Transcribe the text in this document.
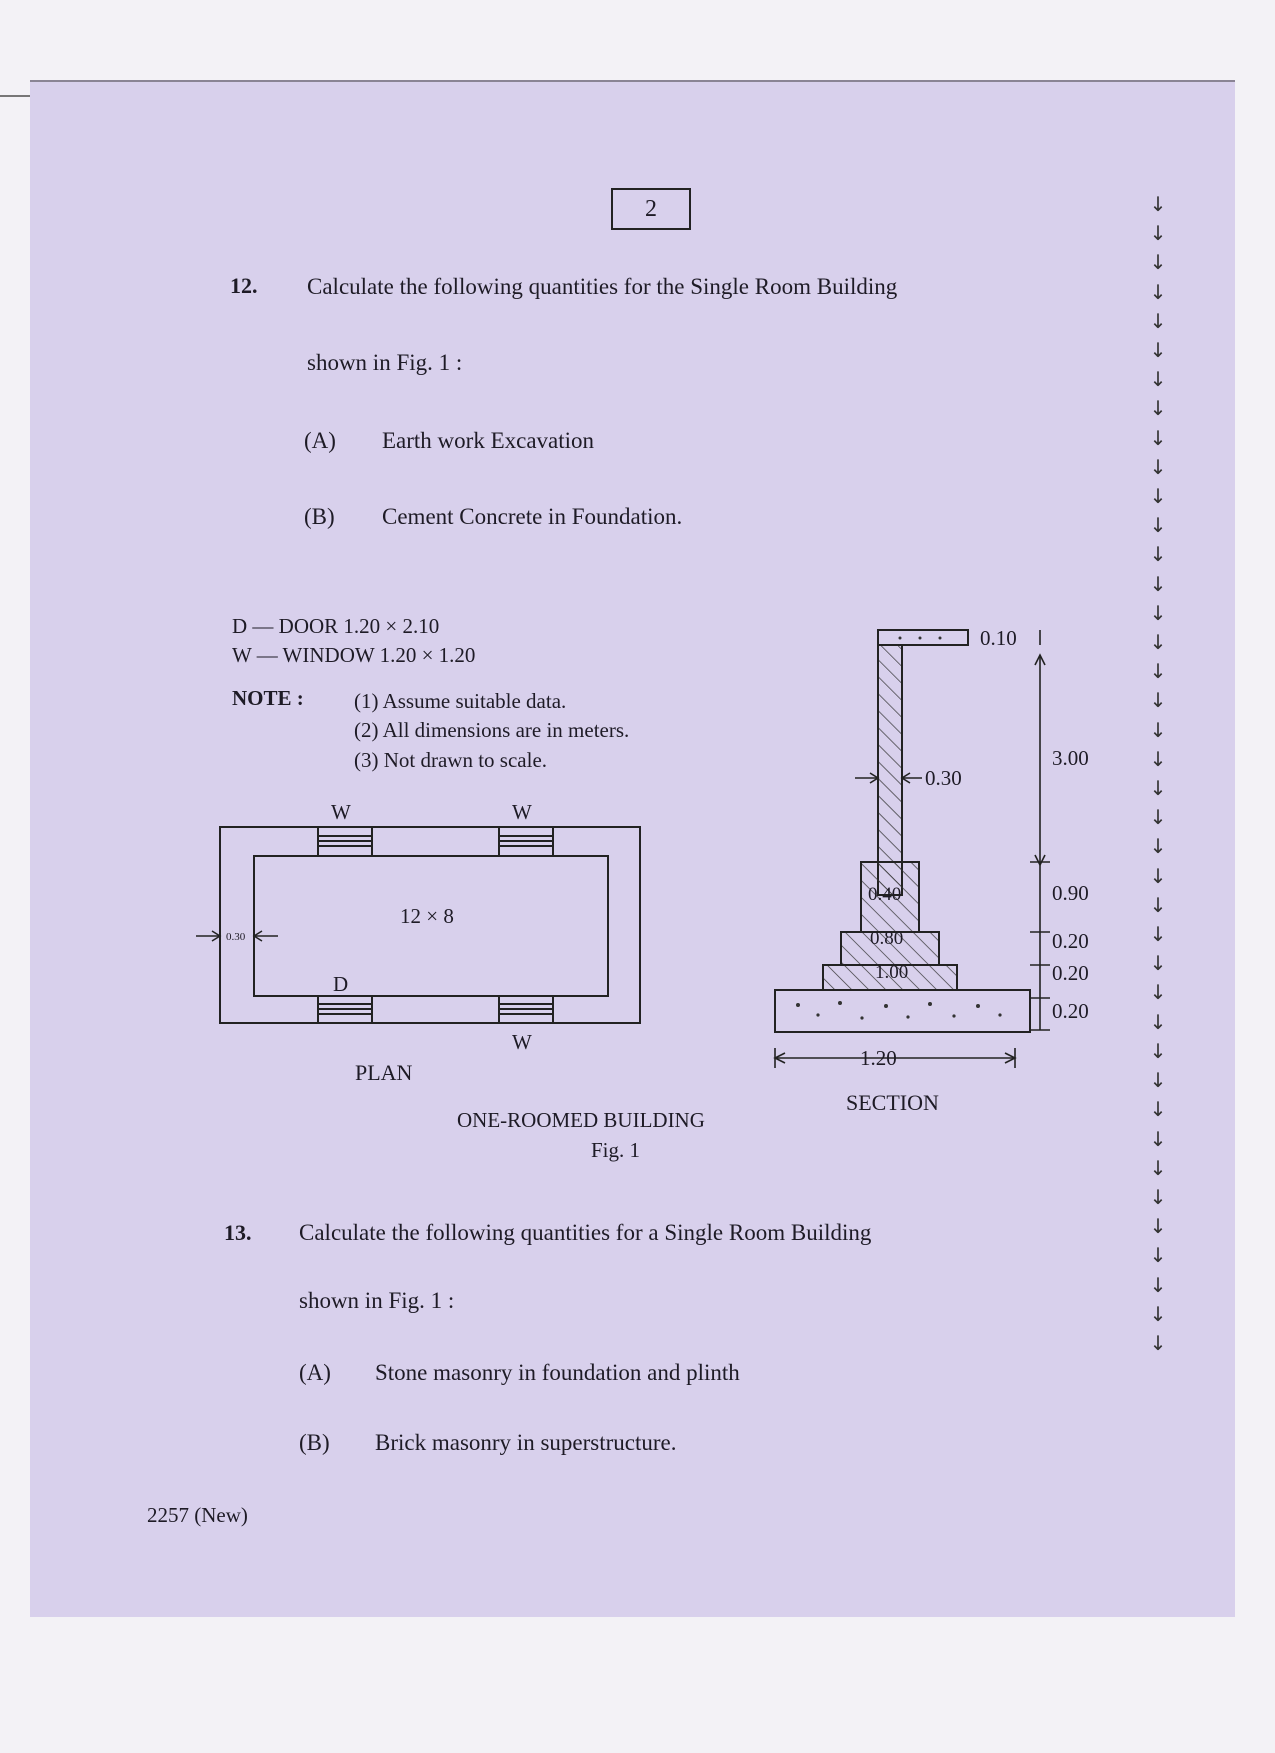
2
12. Calculate the following quantities for the Single Room Building
shown in Fig. 1 :
(A) Earth work Excavation
(B) Cement Concrete in Foundation.
D — DOOR 1.20 × 2.10
W — WINDOW 1.20 × 1.20
NOTE : (1) Assume suitable data.
(2) All dimensions are in meters.
(3) Not drawn to scale.
W	W
12 × 8
0.30
D
W
PLAN
0.10
3.00
0.30
0.40	0.90
0.80	0.20
1.00	0.20
0.20
1.20
SECTION
ONE-ROOMED BUILDING
Fig. 1
13. Calculate the following quantities for a Single Room Building
shown in Fig. 1 :
(A) Stone masonry in foundation and plinth
(B) Brick masonry in superstructure.
2257 (New)
↓
↓
↓
↓
↓
↓
↓
↓
↓
↓
↓
↓
↓
↓
↓
↓
↓
↓
↓
↓
↓
↓
↓
↓
↓
↓
↓
↓
↓
↓
↓
↓
↓
↓
↓
↓
↓
↓
↓
↓
